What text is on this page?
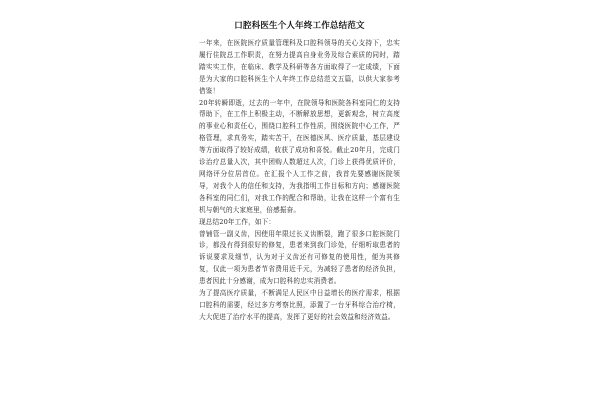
口腔科医生个人年终工作总结范文

一年来，在医院医疗质量管理科及口腔科领导的关心支持下，忠实履行住院总工作职责，在努力提高自身业务及综合素质的同时，踏踏实实工作，在临床、教学及科研等各方面取得了一定成绩，下面是为大家的口腔科医生个人年终工作总结范文五篇，以供大家参考借鉴！

20年转瞬即逝，过去的一年中，在院领导和医院各科室同仁的支持帮助下，在工作上积极主动，不断解放思想，更新观念，树立高度的事业心和责任心，围绕口腔科工作性质，围绕医院中心工作，严格管理，求真务实，踏实苦干，在医德医风、医疗质量，基层建设等方面取得了较好成绩，收获了成功和喜悦。截止20年月，完成门诊治疗总量人次，其中团购人数超过人次，门诊上获得优质评价，网络评分位居首位。在汇报个人工作之前，我首先要感谢医院领导，对我个人的信任和支持，为我指明工作目标和方向；感谢医院各科室的同仁们，对我工作的配合和帮助，让我在这样一个富有生机与朝气的大家庭里，倍感振奋。

现总结20年工作，如下：

曾铺管一副义齿，因使用年限过长义齿断裂，跑了很多口腔医院门诊，都没有得到很好的修复，患者来到我门诊处，仔细听取患者的诉说要求及细节，认为对于义齿还有可修复的使用性，便为其修复，仅此一项为患者节省费用近千元，为减轻了患者的经济负担，患者因此十分感谢，成为口腔科的忠实消费者。

为了提高医疗质量，不断满足人民区中日益增长的医疗需求，根据口腔科的需要，经过多方考察比照，添置了一台牙科综合治疗椅，大大促进了治疗水平的提高，发挥了更好的社会效益和经济效益。
